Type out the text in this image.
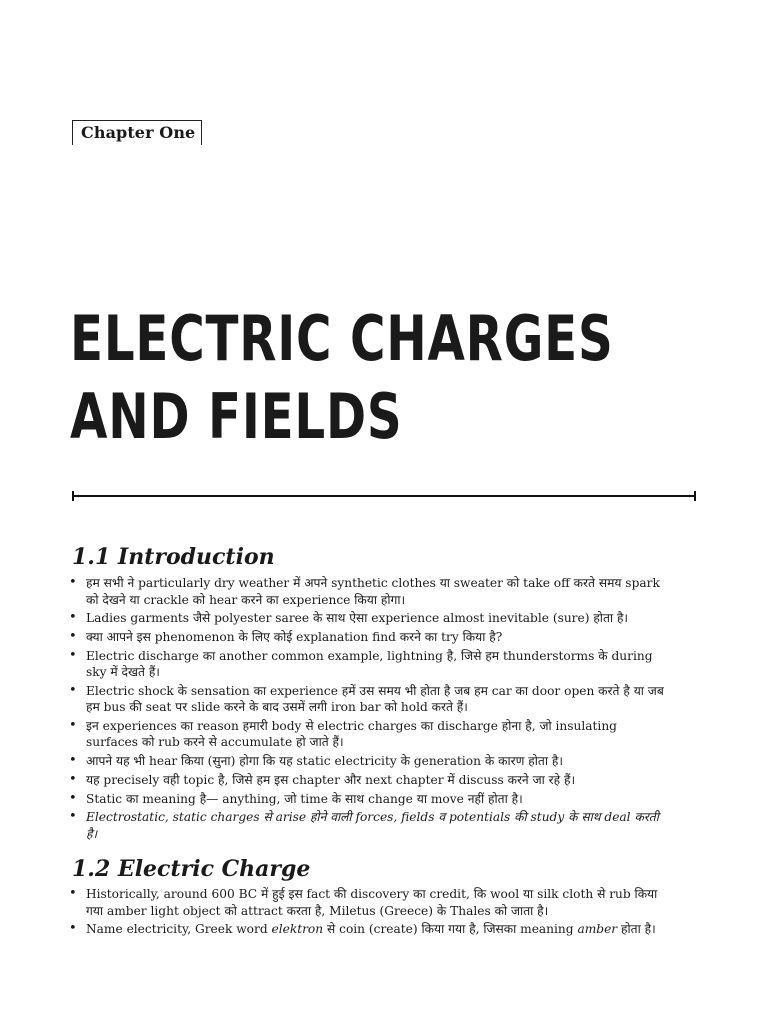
Chapter One
ELECTRIC CHARGES
AND FIELDS
1.1 Introduction
• हम सभी ने particularly dry weather में अपने synthetic clothes या sweater को take off करते समय spark को देखने या crackle को hear करने का experience किया होगा।
• Ladies garments जैसे polyester saree के साथ ऐसा experience almost inevitable (sure) होता है।
• क्या आपने इस phenomenon के लिए कोई explanation find करने का try किया है?
• Electric discharge का another common example, lightning है, जिसे हम thunderstorms के during sky में देखते हैं।
• Electric shock के sensation का experience हमें उस समय भी होता है जब हम car का door open करते है या जब हम bus की seat पर slide करने के बाद उसमें लगी iron bar को hold करते हैं।
• इन experiences का reason हमारी body से electric charges का discharge होना है, जो insulating surfaces को rub करने से accumulate हो जाते हैं।
• आपने यह भी hear किया (सुना) होगा कि यह static electricity के generation के कारण होता है।
• यह precisely वही topic है, जिसे हम इस chapter और next chapter में discuss करने जा रहे हैं।
• Static का meaning है— anything, जो time के साथ change या move नहीं होता है।
• Electrostatic, static charges से arise होने वाली forces, fields व potentials की study के साथ deal करती है।
1.2 Electric Charge
• Historically, around 600 BC में हुई इस fact की discovery का credit, कि wool या silk cloth से rub किया गया amber light object को attract करता है, Miletus (Greece) के Thales को जाता है।
• Name electricity, Greek word elektron से coin (create) किया गया है, जिसका meaning amber होता है।
